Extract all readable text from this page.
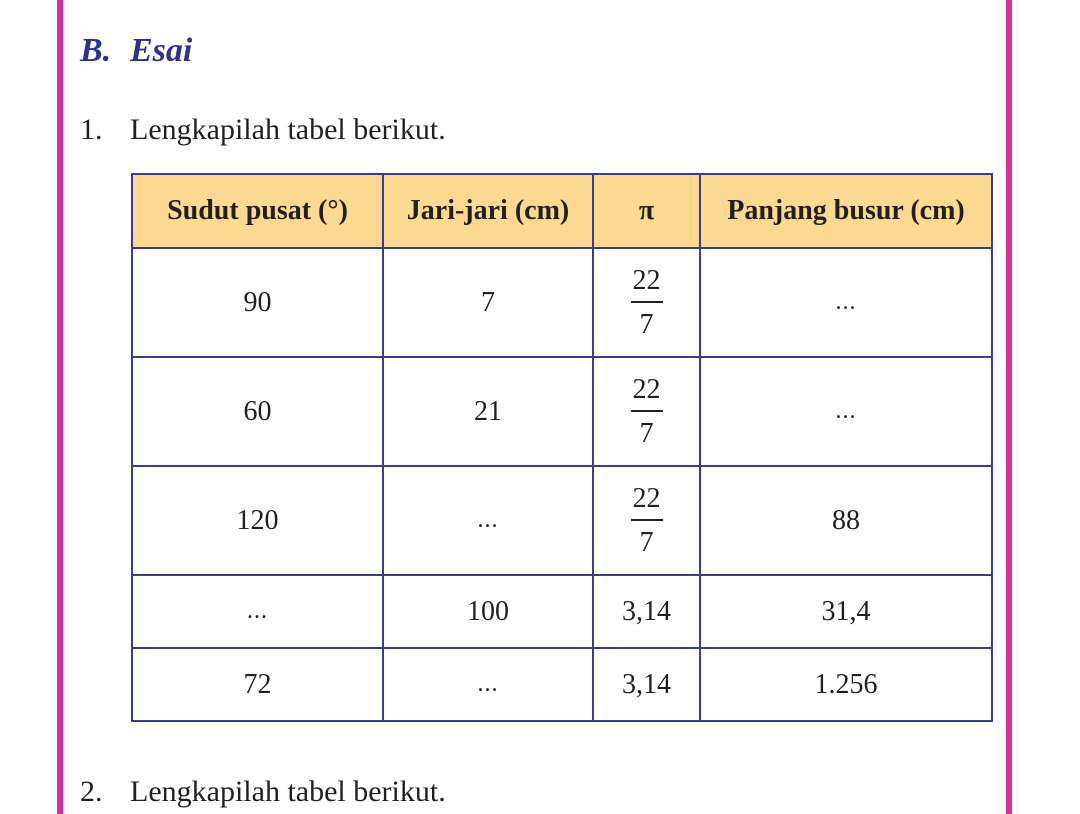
B. Esai
1. Lengkapilah tabel berikut.
Sudut pusat (°)	Jari-jari (cm)	π	Panjang busur (cm)
90	7	$\frac{22}{7}$	...
60	21	$\frac{22}{7}$	...
120	...	$\frac{22}{7}$	88
...	100	3,14	31,4
72	...	3,14	1.256
2. Lengkapilah tabel berikut.
